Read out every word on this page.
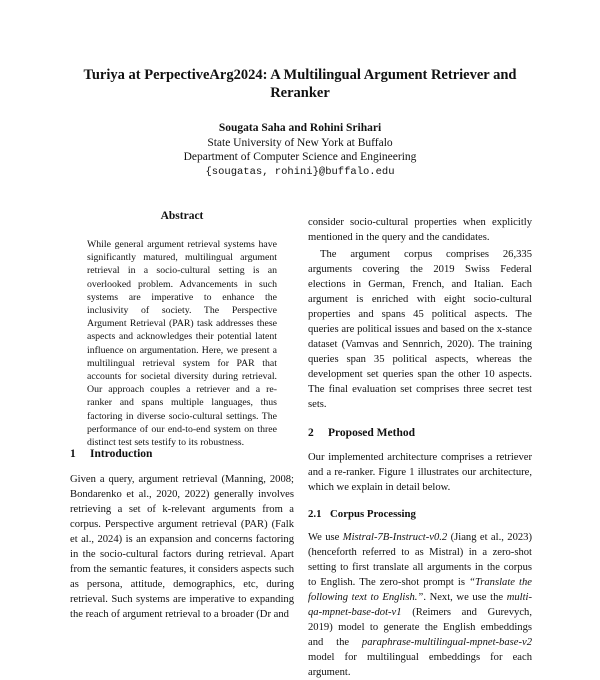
Turiya at PerpectiveArg2024: A Multilingual Argument Retriever and Reranker
Sougata Saha and Rohini Srihari
State University of New York at Buffalo
Department of Computer Science and Engineering
{sougatas, rohini}@buffalo.edu
Abstract
While general argument retrieval systems have significantly matured, multilingual argument retrieval in a socio-cultural setting is an overlooked problem. Advancements in such systems are imperative to enhance the inclusivity of society. The Perspective Argument Retrieval (PAR) task addresses these aspects and acknowledges their potential latent influence on argumentation. Here, we present a multilingual retrieval system for PAR that accounts for societal diversity during retrieval. Our approach couples a retriever and a re-ranker and spans multiple languages, thus factoring in diverse socio-cultural settings. The performance of our end-to-end system on three distinct test sets testify to its robustness.
1 Introduction

Given a query, argument retrieval (Manning, 2008; Bondarenko et al., 2020, 2022) generally involves retrieving a set of k-relevant arguments from a corpus. Perspective argument retrieval (PAR) (Falk et al., 2024) is an expansion and concerns factoring in the socio-cultural factors during retrieval. Apart from the semantic features, it considers aspects such as persona, attitude, demographics, etc, during retrieval. Such systems are imperative to expanding the reach of argument retrieval to a broader (Dr and

consider socio-cultural properties when explicitly mentioned in the query and the candidates.

The argument corpus comprises 26,335 arguments covering the 2019 Swiss Federal elections in German, French, and Italian. Each argument is enriched with eight socio-cultural properties and spans 45 political aspects. The queries are political issues and based on the x-stance dataset (Vamvas and Sennrich, 2020). The training queries span 35 political aspects, whereas the development set queries span the other 10 aspects. The final evaluation set comprises three secret test sets.

2 Proposed Method

Our implemented architecture comprises a retriever and a re-ranker. Figure 1 illustrates our architecture, which we explain in detail below.

2.1 Corpus Processing

We use Mistral-7B-Instruct-v0.2 (Jiang et al., 2023) (henceforth referred to as Mistral) in a zero-shot setting to first translate all arguments in the corpus to English. The zero-shot prompt is “Translate the following text to English.”. Next, we use the multi-qa-mpnet-base-dot-v1 (Reimers and Gurevych, 2019) model to generate the English embeddings and the paraphrase-multilingual-mpnet-base-v2 model for multilingual embeddings for each argument.
